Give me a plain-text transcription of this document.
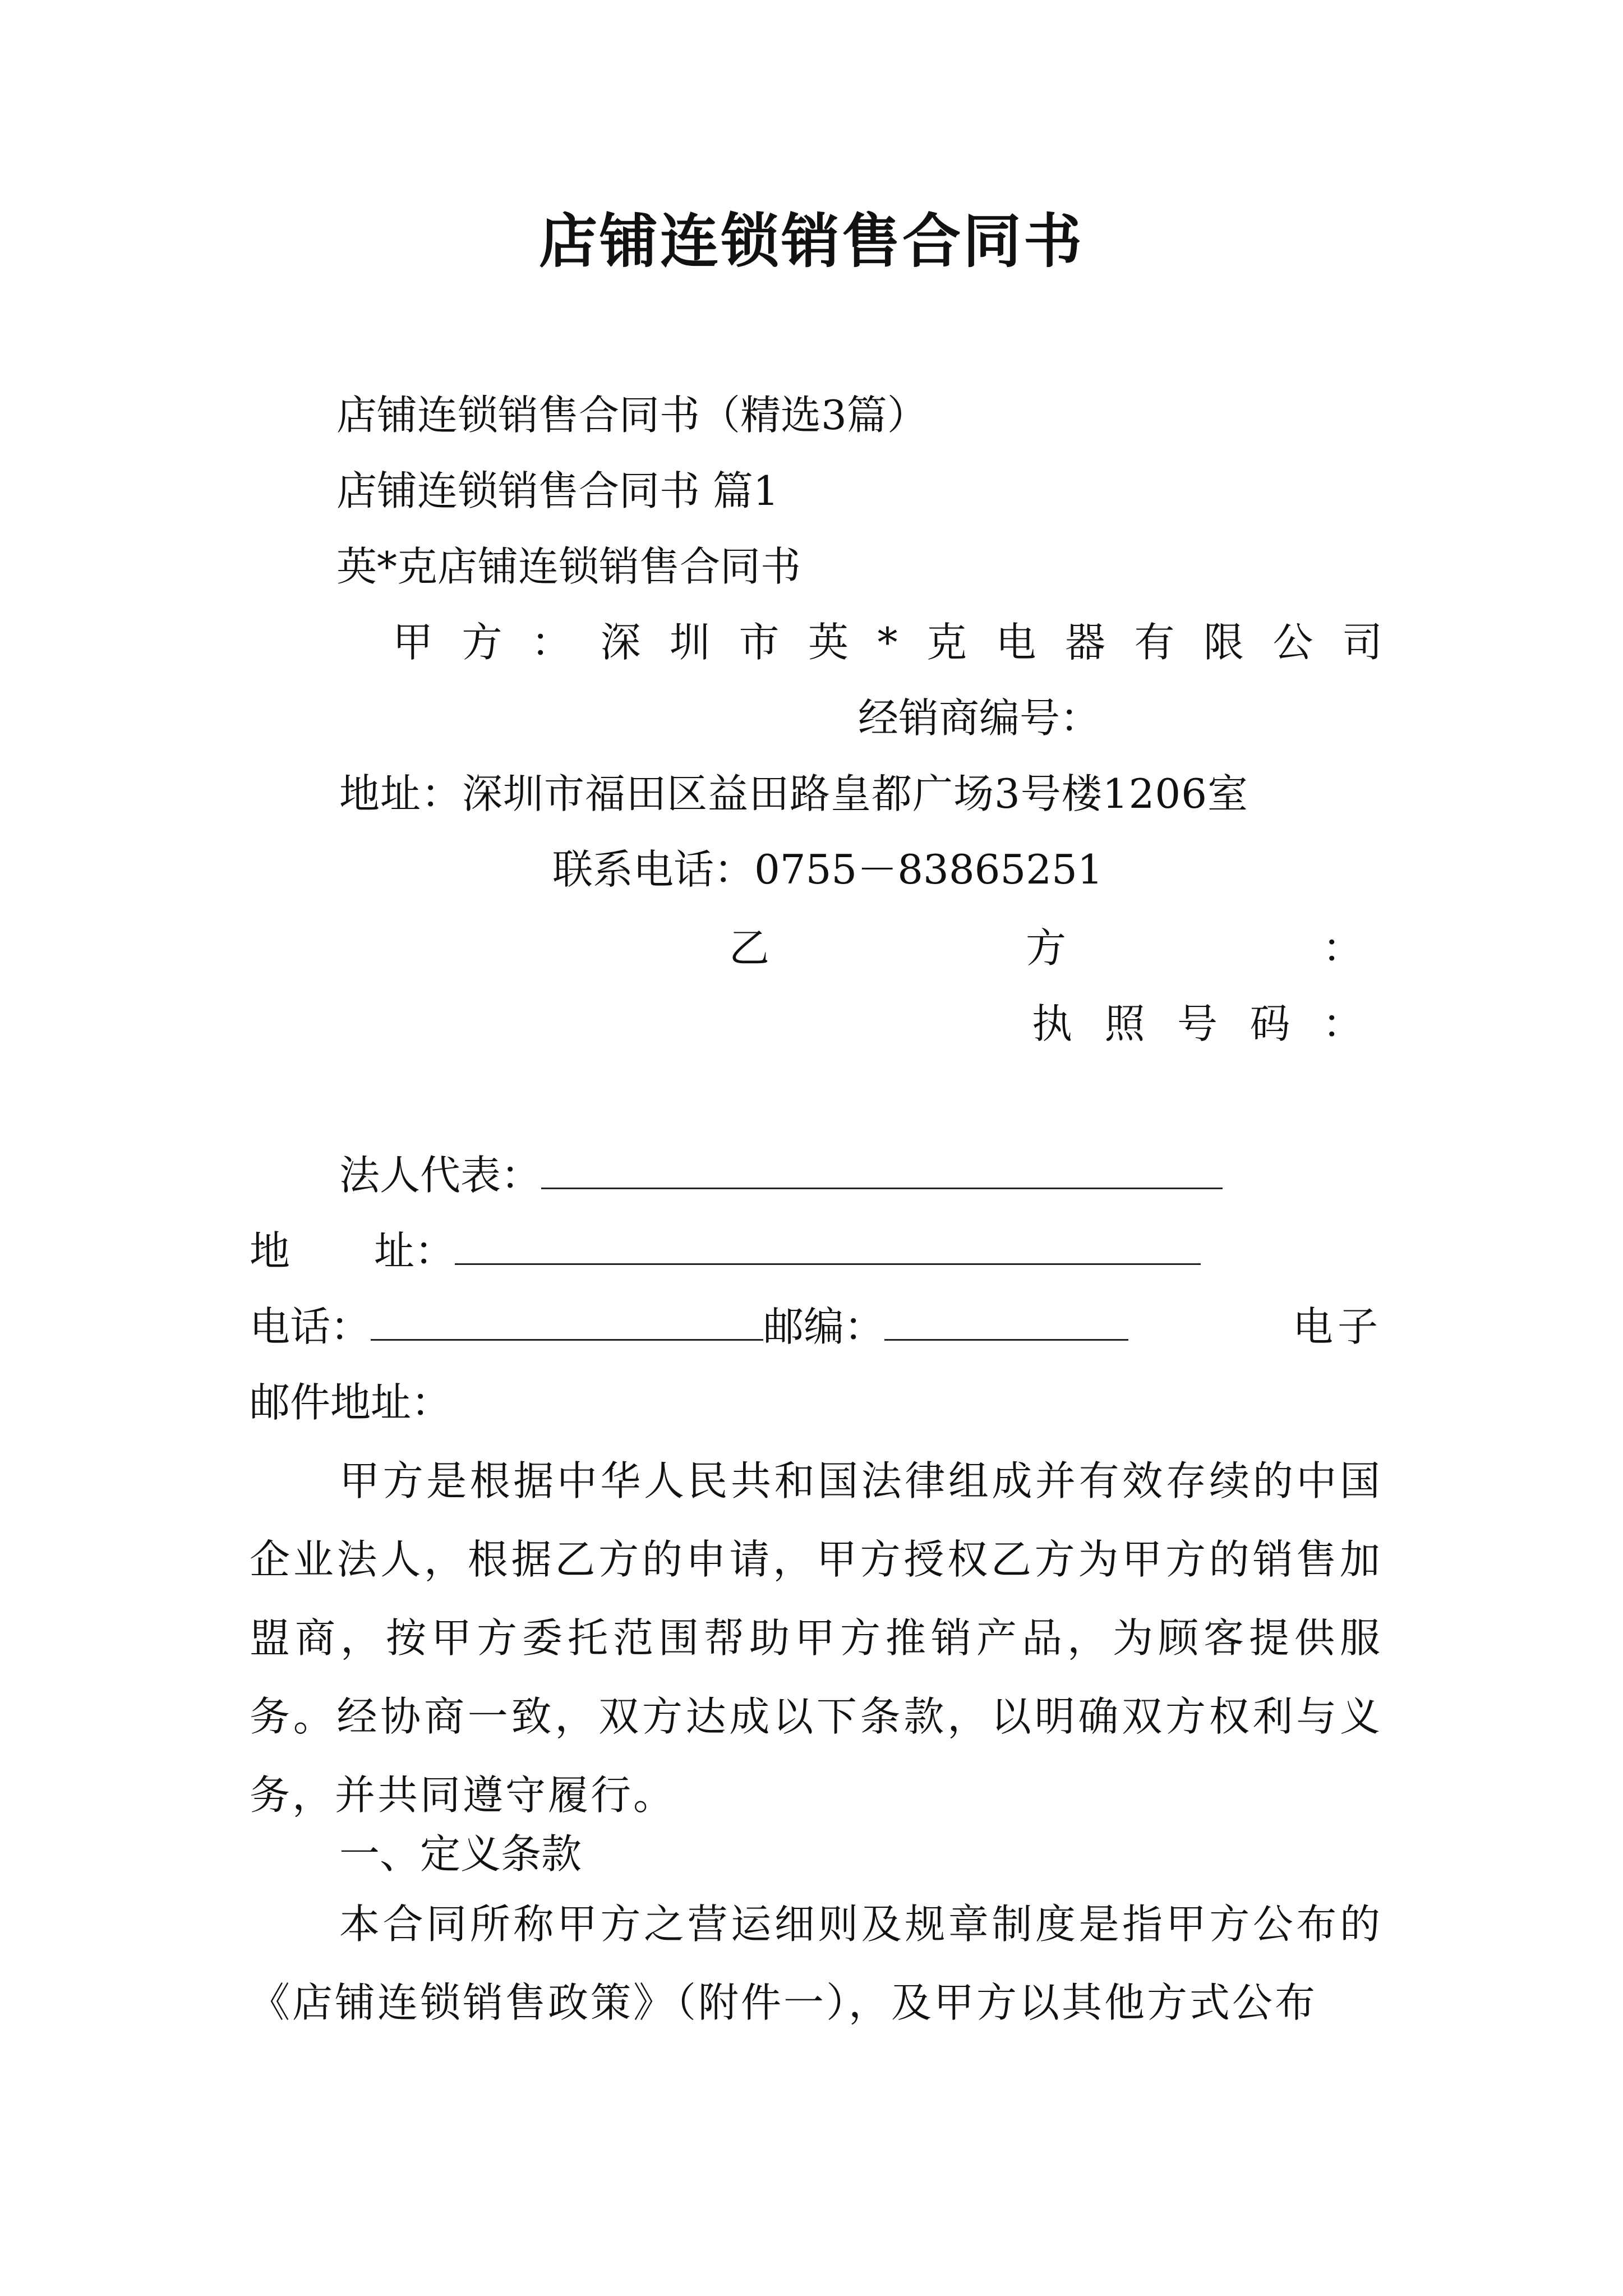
店铺连锁销售合同书
店铺连锁销售合同书（精选3篇）
店铺连锁销售合同书 篇1
英*克店铺连锁销售合同书
甲 方 ： 深 圳 市 英 * 克 电 器 有 限 公 司
经销商编号：
地址：深圳市福田区益田路皇都广场3号楼1206室
联系电话：0755－83865251
乙	方	：
执 照 号 码 ：
法人代表：
地 址：
电话：	邮编：	电子
邮件地址：
甲方是根据中华人民共和国法律组成并有效存续的中国企业法人，根据乙方的申请，甲方授权乙方为甲方的销售加盟商，按甲方委托范围帮助甲方推销产品，为顾客提供服务。经协商一致，双方达成以下条款，以明确双方权利与义务，并共同遵守履行。
一、定义条款
本合同所称甲方之营运细则及规章制度是指甲方公布的《店铺连锁销售政策》（附件一），及甲方以其他方式公布
